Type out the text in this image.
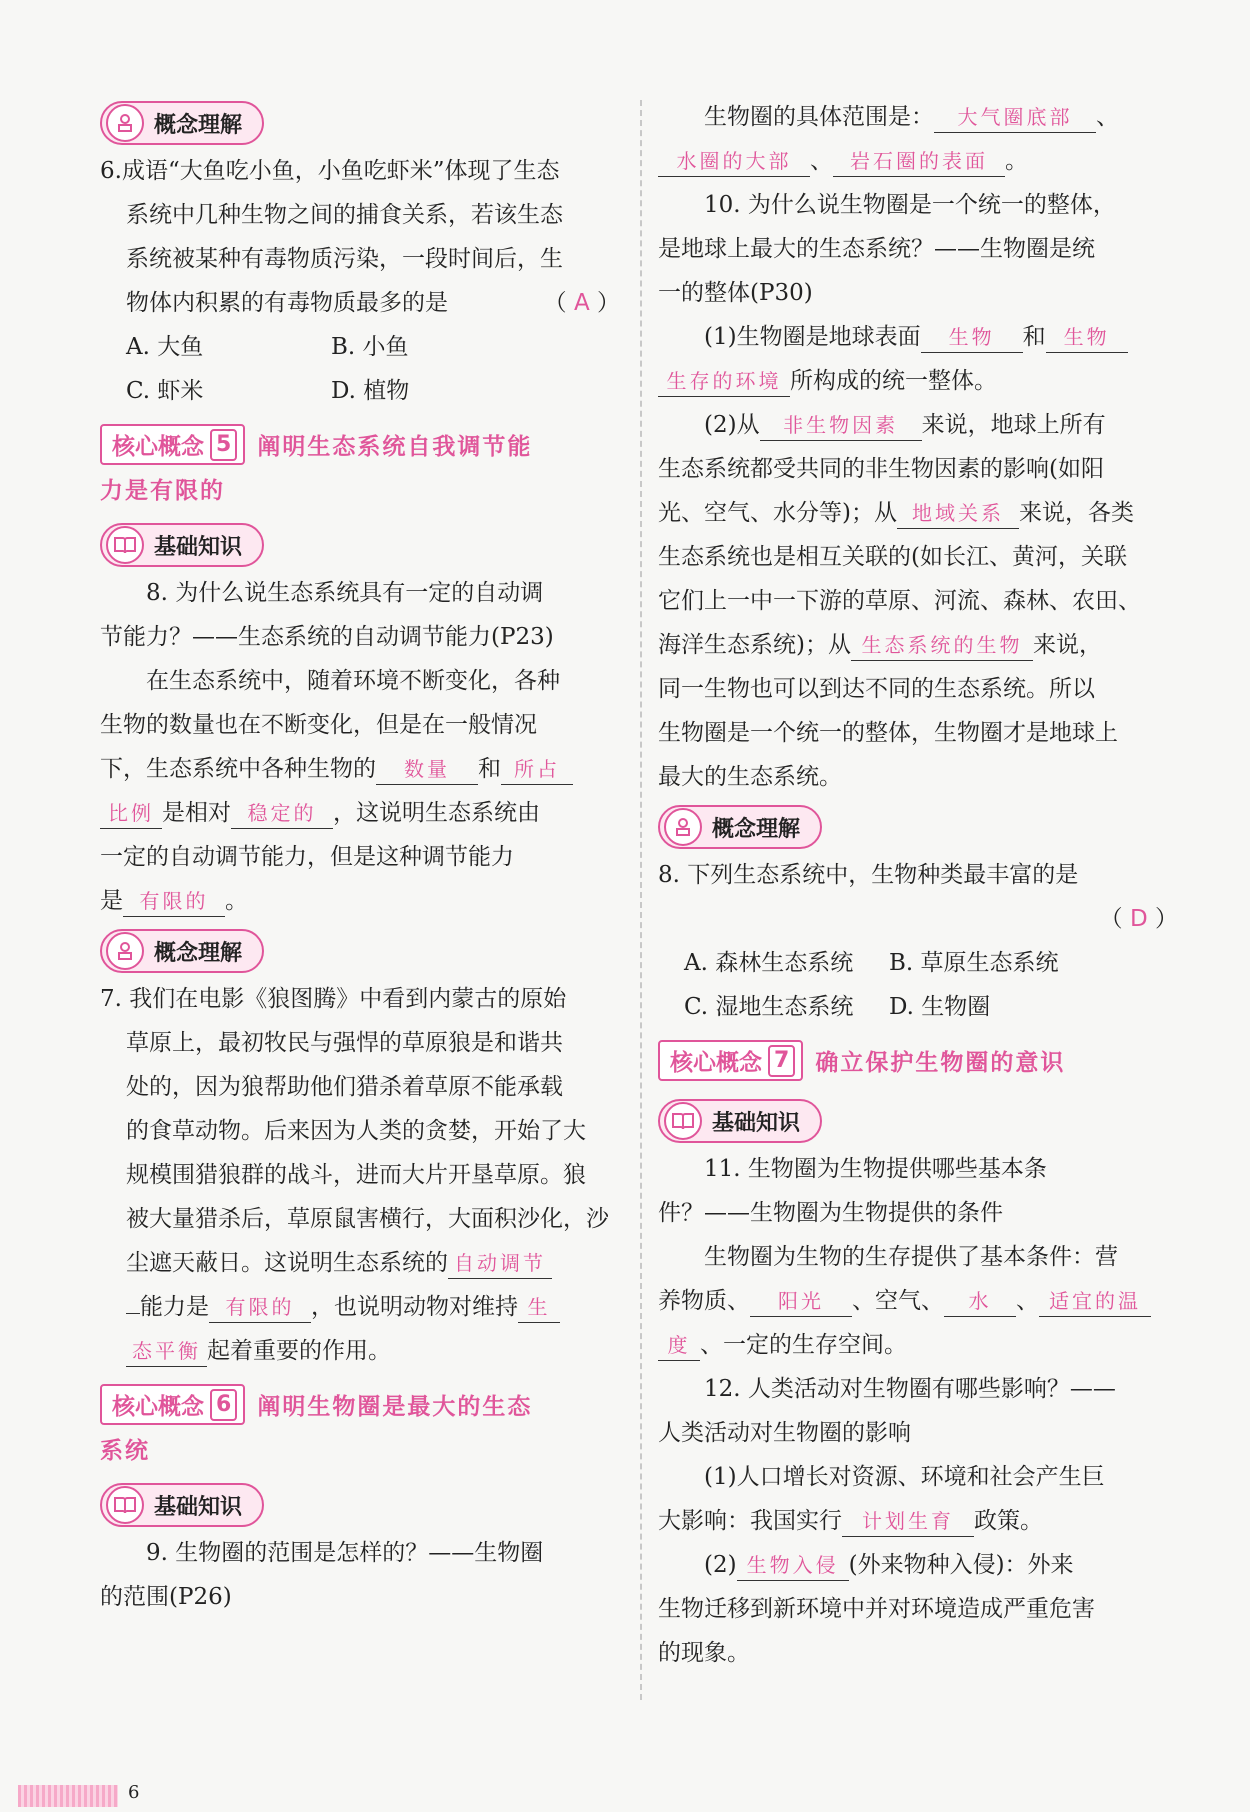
概念理解
6.成语“大鱼吃小鱼，小鱼吃虾米”体现了生态
系统中几种生物之间的捕食关系，若该生态
系统被某种有毒物质污染，一段时间后，生
物体内积累的有毒物质最多的是	（ A ）
A. 大鱼	B. 小鱼
C. 虾米	D. 植物
核心概念 5 阐明生态系统自我调节能
力是有限的
基础知识
8. 为什么说生态系统具有一定的自动调
节能力？——生态系统的自动调节能力(P23)
在生态系统中，随着环境不断变化，各种
生物的数量也在不断变化，但是在一般情况
下，生态系统中各种生物的 数量 和 所占
比例 是相对 稳定的 ，这说明生态系统由
一定的自动调节能力，但是这种调节能力
是 有限的 。
概念理解
7. 我们在电影《狼图腾》中看到内蒙古的原始
草原上，最初牧民与强悍的草原狼是和谐共
处的，因为狼帮助他们猎杀着草原不能承载
的食草动物。后来因为人类的贪婪，开始了大
规模围猎狼群的战斗，进而大片开垦草原。狼
被大量猎杀后，草原鼠害横行，大面积沙化，沙
尘遮天蔽日。这说明生态系统的 自动调节
能力是 有限的 ，也说明动物对维持 生
态平衡 起着重要的作用。
核心概念 6 阐明生物圈是最大的生态
系统
基础知识
9. 生物圈的范围是怎样的？——生物圈
的范围(P26)
生物圈的具体范围是： 大气圈底部 、
水圈的大部 、 岩石圈的表面 。
10. 为什么说生物圈是一个统一的整体，
是地球上最大的生态系统？——生物圈是统
一的整体(P30)
(1)生物圈是地球表面 生物 和 生物
生存的环境 所构成的统一整体。
(2)从 非生物因素 来说，地球上所有
生态系统都受共同的非生物因素的影响(如阳
光、空气、水分等)；从 地域关系 来说，各类
生态系统也是相互关联的(如长江、黄河，关联
它们上一中一下游的草原、河流、森林、农田、
海洋生态系统)；从 生态系统的生物 来说，
同一生物也可以到达不同的生态系统。所以
生物圈是一个统一的整体，生物圈才是地球上
最大的生态系统。
概念理解
8. 下列生态系统中，生物种类最丰富的是
（ D ）
A. 森林生态系统	B. 草原生态系统
C. 湿地生态系统	D. 生物圈
核心概念 7 确立保护生物圈的意识
基础知识
11. 生物圈为生物提供哪些基本条
件？——生物圈为生物提供的条件
生物圈为生物的生存提供了基本条件：营
养物质、 阳光 、空气、 水 、 适宜的温
度 、一定的生存空间。
12. 人类活动对生物圈有哪些影响？——
人类活动对生物圈的影响
(1)人口增长对资源、环境和社会产生巨
大影响：我国实行 计划生育 政策。
(2) 生物入侵 (外来物种入侵)：外来
生物迁移到新环境中并对环境造成严重危害
的现象。
6
